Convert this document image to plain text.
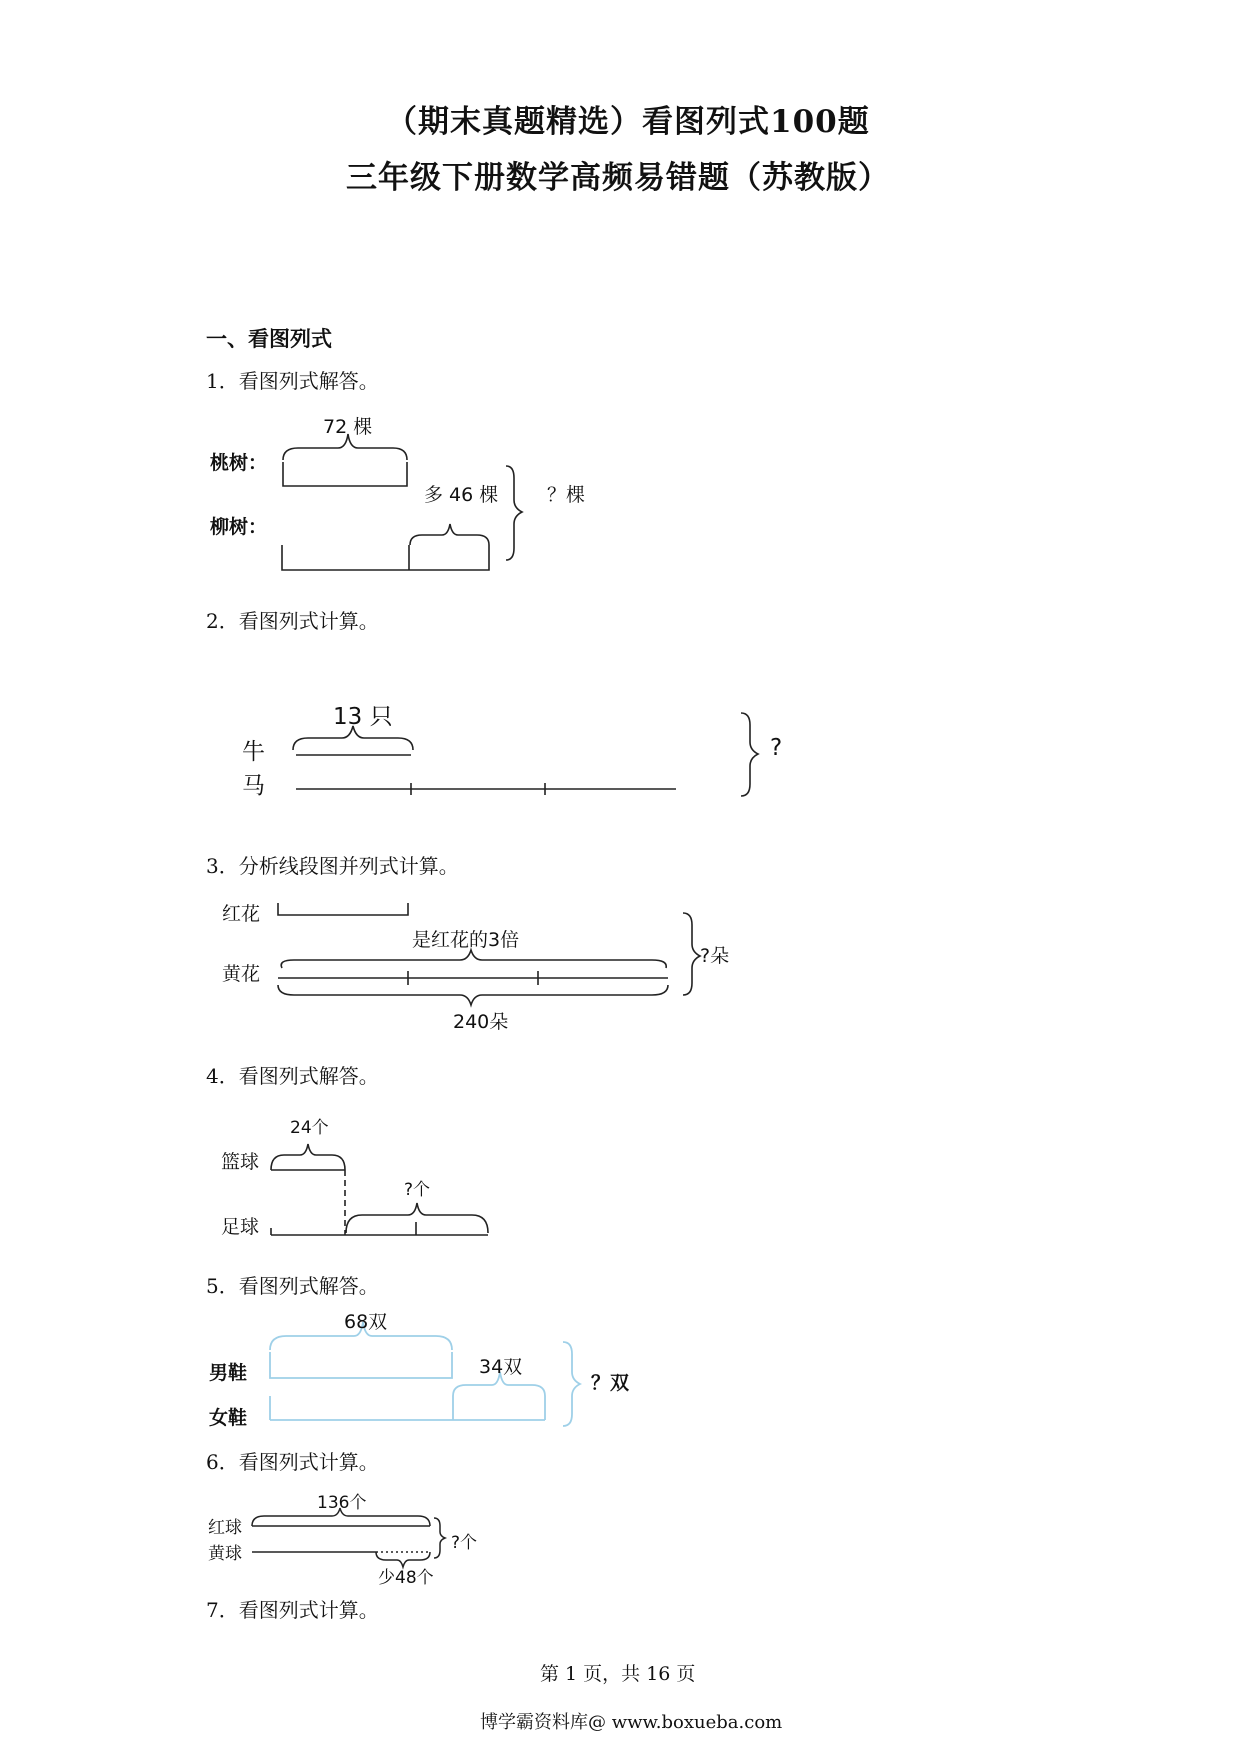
（期末真题精选）看图列式100题
三年级下册数学高频易错题（苏教版）
一、看图列式
1．看图列式解答。
桃树：
柳树：
72 棵
多 46 棵	？棵
2．看图列式计算。
牛
马
13 只
?
3．分析线段图并列式计算。
红花
黄花
是红花的3倍
240朵
?朵
4．看图列式解答。
篮球
足球
24个
?个
5．看图列式解答。
男鞋
女鞋
68双
34双
？双
6．看图列式计算。
红球
黄球
136个
少48个
?个
7．看图列式计算。
第 1 页，共 16 页
博学霸资料库@ www.boxueba.com
